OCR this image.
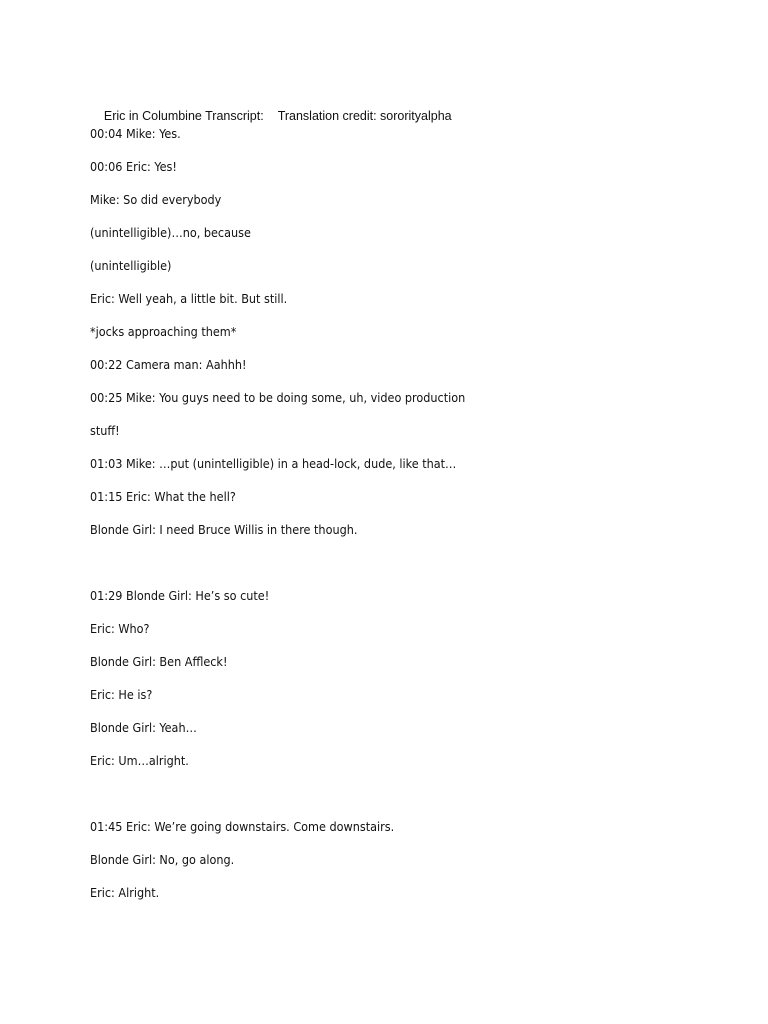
Eric in Columbine Transcript: Translation credit: sororityalpha

00:04 Mike: Yes.
00:06 Eric: Yes!
Mike: So did everybody
(unintelligible)…no, because
(unintelligible)
Eric: Well yeah, a little bit. But still.
*jocks approaching them*
00:22 Camera man: Aahhh!
00:25 Mike: You guys need to be doing some, uh, video production
stuff!
01:03 Mike: …put (unintelligible) in a head-lock, dude, like that…
01:15 Eric: What the hell?
Blonde Girl: I need Bruce Willis in there though.
01:29 Blonde Girl: He’s so cute!
Eric: Who?
Blonde Girl: Ben Affleck!
Eric: He is?
Blonde Girl: Yeah…
Eric: Um…alright.
01:45 Eric: We’re going downstairs. Come downstairs.
Blonde Girl: No, go along.
Eric: Alright.
